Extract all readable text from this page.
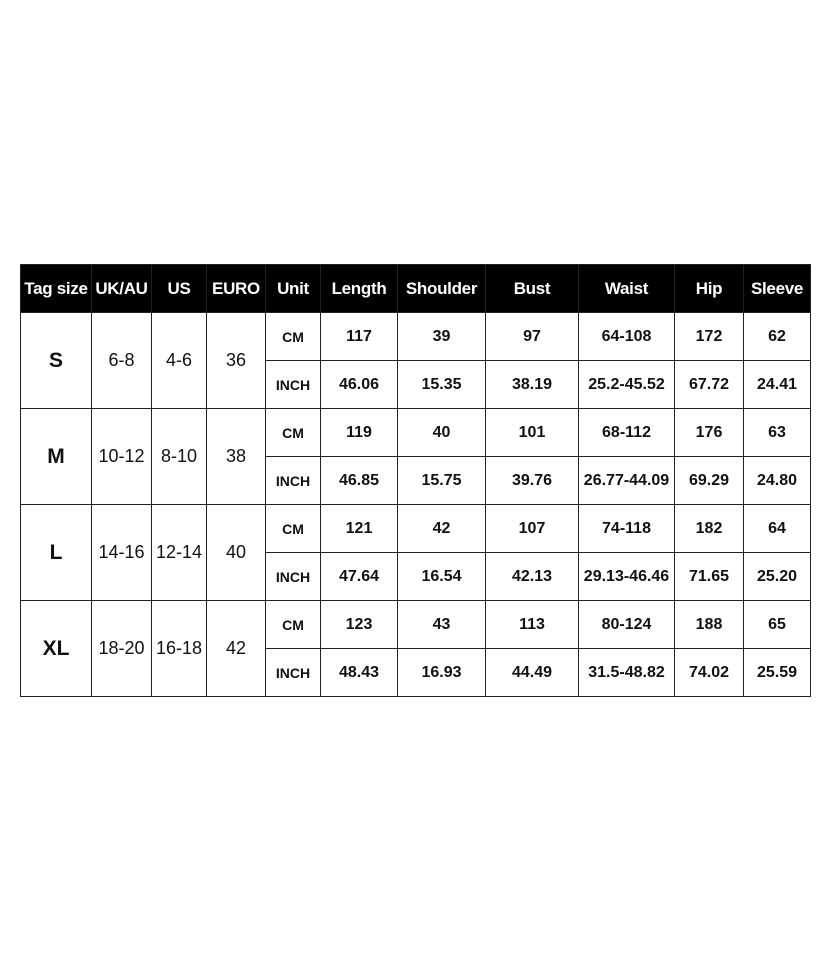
Tag size	UK/AU	US	EURO	Unit	Length	Shoulder	Bust	Waist	Hip	Sleeve
S	6-8	4-6	36	CM	117	39	97	64-108	172	62
				INCH	46.06	15.35	38.19	25.2-45.52	67.72	24.41
M	10-12	8-10	38	CM	119	40	101	68-112	176	63
				INCH	46.85	15.75	39.76	26.77-44.09	69.29	24.80
L	14-16	12-14	40	CM	121	42	107	74-118	182	64
				INCH	47.64	16.54	42.13	29.13-46.46	71.65	25.20
XL	18-20	16-18	42	CM	123	43	113	80-124	188	65
				INCH	48.43	16.93	44.49	31.5-48.82	74.02	25.59
